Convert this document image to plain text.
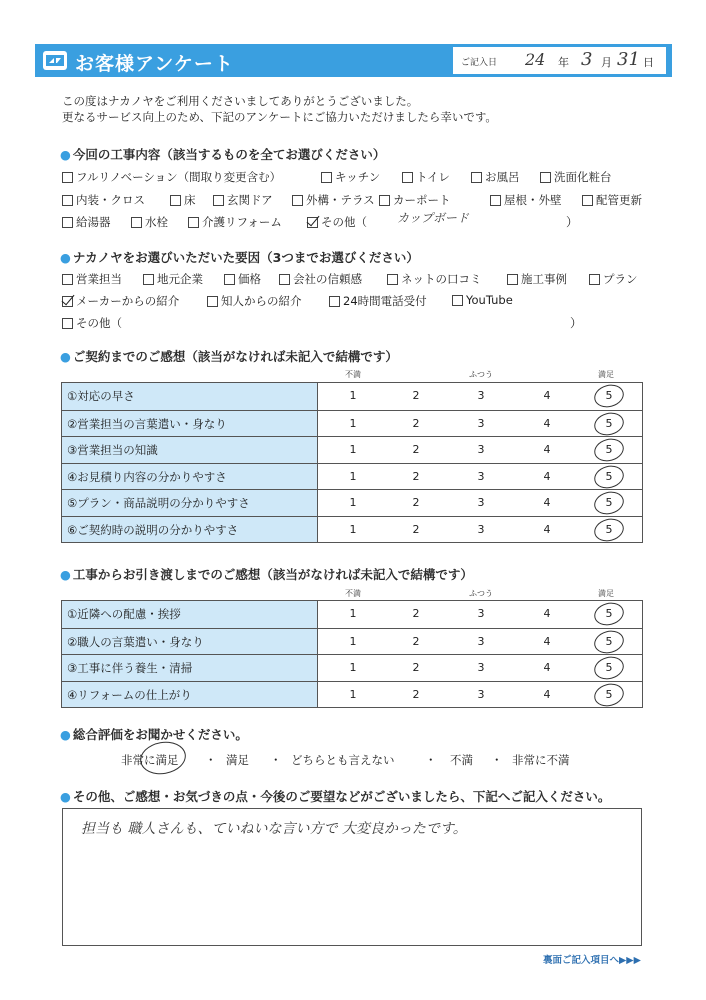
お客様アンケート	ご記入日 24 年 3 月 31 日
この度はナカノヤをご利用くださいましてありがとうございました。
更なるサービス向上のため、下記のアンケートにご協力いただけましたら幸いです。
● 今回の工事内容（該当するものを全てお選びください）
フルリノベーション（間取り変更含む）	キッチン	トイレ	お風呂	洗面化粧台
内装・クロス	床	玄関ドア	外構・テラス カーポート	屋根・外壁	配管更新
給湯器	水栓	介護リフォーム	その他（	カップボード	）
● ナカノヤをお選びいただいた要因（3つまでお選びください）
営業担当	地元企業	価格	会社の信頼感	ネットの口コミ	施工事例	プラン
メーカーからの紹介	知人からの紹介	24時間電話受付	YouTube
その他（	）
● ご契約までのご感想（該当がなければ未記入で結構です）
不満	ふつう	満足
①対応の早さ	1	2	3	4	5
②営業担当の言葉遣い・身なり	1	2	3	4	5
③営業担当の知識	1	2	3	4	5
④お見積り内容の分かりやすさ	1	2	3	4	5
⑤プラン・商品説明の分かりやすさ	1	2	3	4	5
⑥ご契約時の説明の分かりやすさ	1	2	3	4	5
● 工事からお引き渡しまでのご感想（該当がなければ未記入で結構です）
不満	ふつう	満足
①近隣への配慮・挨拶	1	2	3	4	5
②職人の言葉遣い・身なり	1	2	3	4	5
③工事に伴う養生・清掃	1	2	3	4	5
④リフォームの仕上がり	1	2	3	4	5
● 総合評価をお聞かせください。
非常に満足	満足	どちらとも言えない	不満	非常に不満
・	・	・	・
● その他、ご感想・お気づきの点・今後のご要望などがございましたら、下記へご記入ください。
担当も 職人さんも、ていねいな言い方で 大変良かったです。
裏面ご記入項目へ▶▶▶
